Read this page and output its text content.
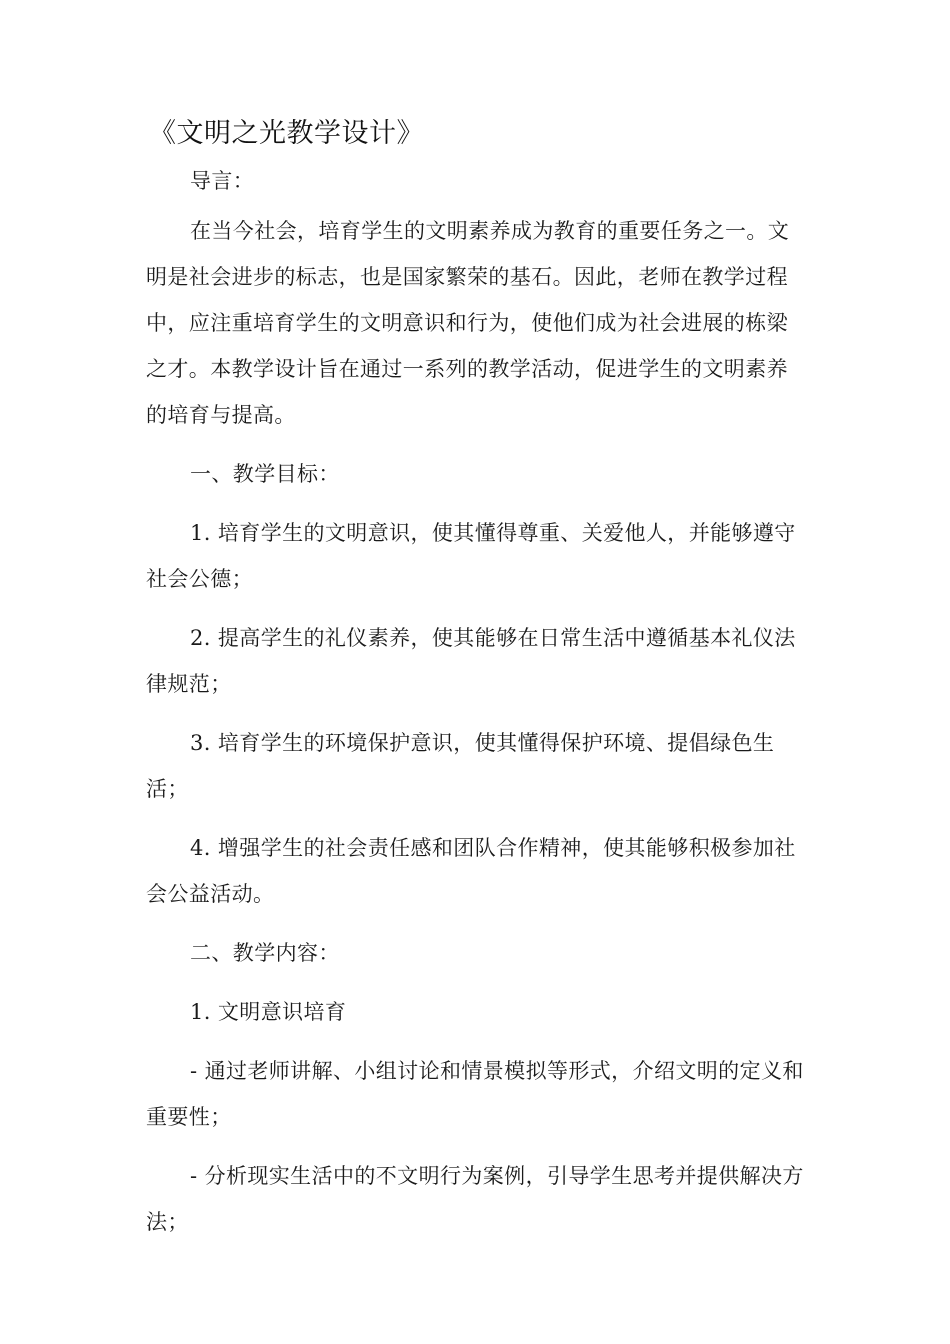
《文明之光教学设计》

导言：

在当今社会，培育学生的文明素养成为教育的重要任务之一。文明是社会进步的标志，也是国家繁荣的基石。因此，老师在教学过程中，应注重培育学生的文明意识和行为，使他们成为社会进展的栋梁之才。本教学设计旨在通过一系列的教学活动，促进学生的文明素养的培育与提高。

一、教学目标：

1. 培育学生的文明意识，使其懂得尊重、关爱他人，并能够遵守社会公德；

2. 提高学生的礼仪素养，使其能够在日常生活中遵循基本礼仪法律规范；

3. 培育学生的环境保护意识，使其懂得保护环境、提倡绿色生活；

4. 增强学生的社会责任感和团队合作精神，使其能够积极参加社会公益活动。

二、教学内容：

1. 文明意识培育

- 通过老师讲解、小组讨论和情景模拟等形式，介绍文明的定义和重要性；

- 分析现实生活中的不文明行为案例，引导学生思考并提供解决方法；
